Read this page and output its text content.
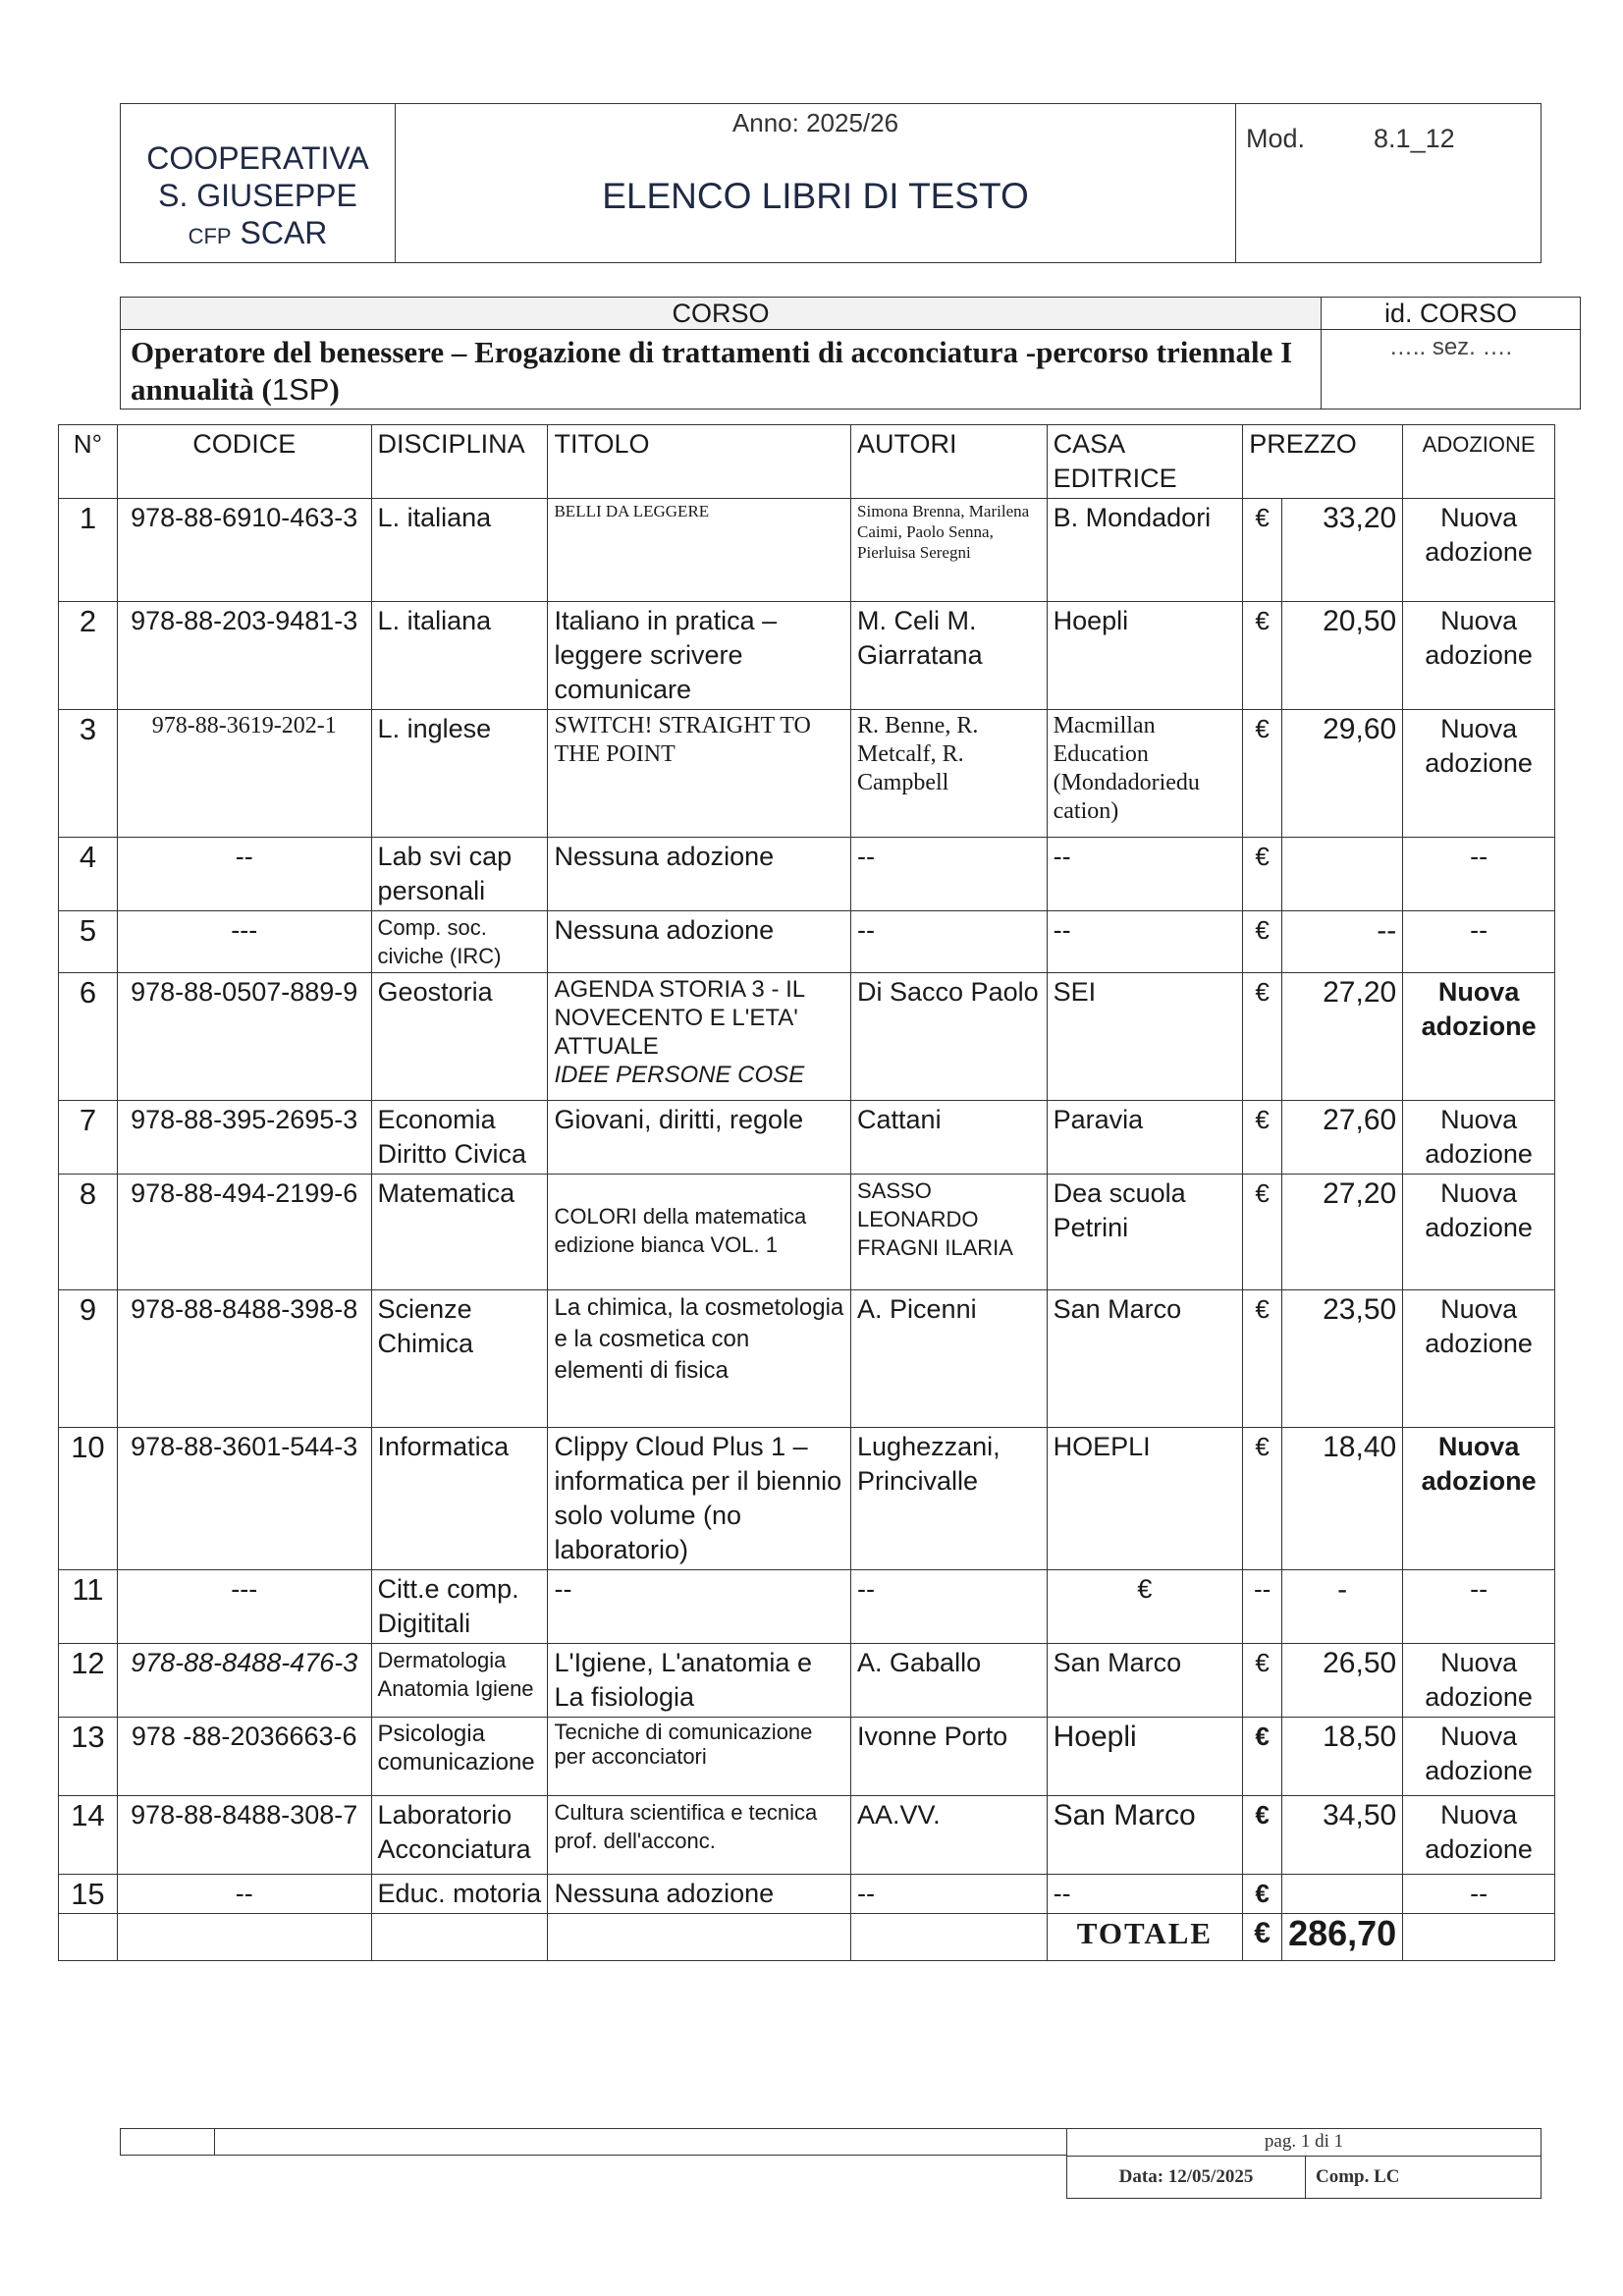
COOPERATIVA
S. GIUSEPPE
CFP SCAR

Anno: 2025/26
ELENCO LIBRI DI TESTO
	Mod.	8.1_12
CORSO	id. CORSO
Operatore del benessere – Erogazione di trattamenti di acconciatura -percorso triennale I annualità (1SP)	….. sez. ….
N°	CODICE	DISCIPLINA	TITOLO	AUTORI	CASA EDITRICE	PREZZO		ADOZIONE
1	978-88-6910-463-3	L. italiana	BELLI DA LEGGERE	Simona Brenna, Marilena Caimi, Paolo Senna, Pierluisa Seregni	B. Mondadori	€	33,20	Nuova adozione
2	978-88-203-9481-3	L. italiana	Italiano in pratica – leggere scrivere comunicare	M. Celi M. Giarratana	Hoepli	€	20,50	Nuova adozione
3	978-88-3619-202-1	L. inglese	SWITCH! STRAIGHT TO THE POINT	R. Benne, R. Metcalf, R. Campbell	Macmillan Education (Mondadoriedu cation)	€	29,60	Nuova adozione
4	--	Lab svi cap personali	Nessuna adozione	--	--	€		--
5	---	Comp. soc. civiche (IRC)	Nessuna adozione	--	--	€	--	--
6	978-88-0507-889-9	Geostoria	AGENDA STORIA 3 - IL NOVECENTO E L'ETA' ATTUALE
IDEE PERSONE COSE	Di Sacco Paolo	SEI	€	27,20	Nuova adozione
7	978-88-395-2695-3	Economia Diritto Civica	Giovani, diritti, regole	Cattani	Paravia	€	27,60	Nuova adozione
8	978-88-494-2199-6	Matematica	COLORI della matematica edizione bianca VOL. 1	SASSO LEONARDO FRAGNI ILARIA	Dea scuola Petrini	€	27,20	Nuova adozione
9	978-88-8488-398-8	Scienze Chimica	La chimica, la cosmetologia e la cosmetica con elementi di fisica	A. Picenni	San Marco	€	23,50	Nuova adozione
10	978-88-3601-544-3	Informatica	Clippy Cloud Plus 1 – informatica per il biennio solo volume (no laboratorio)	Lughezzani, Princivalle	HOEPLI	€	18,40	Nuova adozione
11	---	Citt.e comp. Digititali	--	--	€	--	-	--
12	978-88-8488-476-3	Dermatologia Anatomia Igiene	L'Igiene, L'anatomia e La fisiologia	A. Gaballo	San Marco	€	26,50	Nuova adozione
13	978 -88-2036663-6	Psicologia comunicazione	Tecniche di comunicazione per acconciatori	Ivonne Porto	Hoepli	€	18,50	Nuova adozione
14	978-88-8488-308-7	Laboratorio Acconciatura	Cultura scientifica e tecnica prof. dell'acconc.	AA.VV.	San Marco	€	34,50	Nuova adozione
15	--	Educ. motoria	Nessuna adozione	--	--	€		--
					TOTALE	€	286,70	
		pag. 1 di 1
Data: 12/05/2025	Comp. LC
